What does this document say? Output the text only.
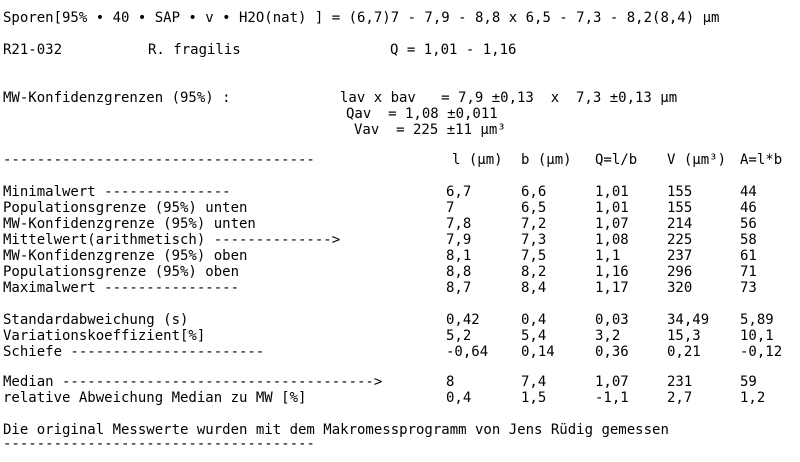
Sporen[95% • 40 • SAP • v • H2O(nat) ] = (6,7)7 - 7,9 - 8,8 x 6,5 - 7,3 - 8,2(8,4) µm
R21-032	R. fragilis	Q = 1,01 - 1,16
MW-Konfidenzgrenzen (95%) :	lav x bav   = 7,9 ±0,13  x  7,3 ±0,13 µm
Qav  = 1,08 ±0,011
Vav  = 225 ±11 µm³
-------------------------------------	l (µm) b (µm) Q=l/b V (µm³) A=l*b
Minimalwert ---------------	6,7	6,6	1,01	155	44
Populationsgrenze (95%) unten	7	6,5	1,01	155	46
MW-Konfidenzgrenze (95%) unten	7,8	7,2	1,07	214	56
Mittelwert(arithmetisch) -------------->	7,9	7,3	1,08	225	58
MW-Konfidenzgrenze (95%) oben	8,1	7,5	1,1	237	61
Populationsgrenze (95%) oben	8,8	8,2	1,16	296	71
Maximalwert ----------------	8,7	8,4	1,17	320	73
Standardabweichung (s)	0,42	0,4	0,03	34,49 5,89
Variationskoeffizient[%]	5,2	5,4	3,2	15,3	10,1
Schiefe -----------------------	-0,64 0,14	0,36	0,21	-0,12
Median ------------------------------------->	8	7,4	1,07	231	59
relative Abweichung Median zu MW [%]	0,4	1,5	-1,1	2,7	1,2
Die original Messwerte wurden mit dem Makromessprogramm von Jens Rüdig gemessen
-------------------------------------
